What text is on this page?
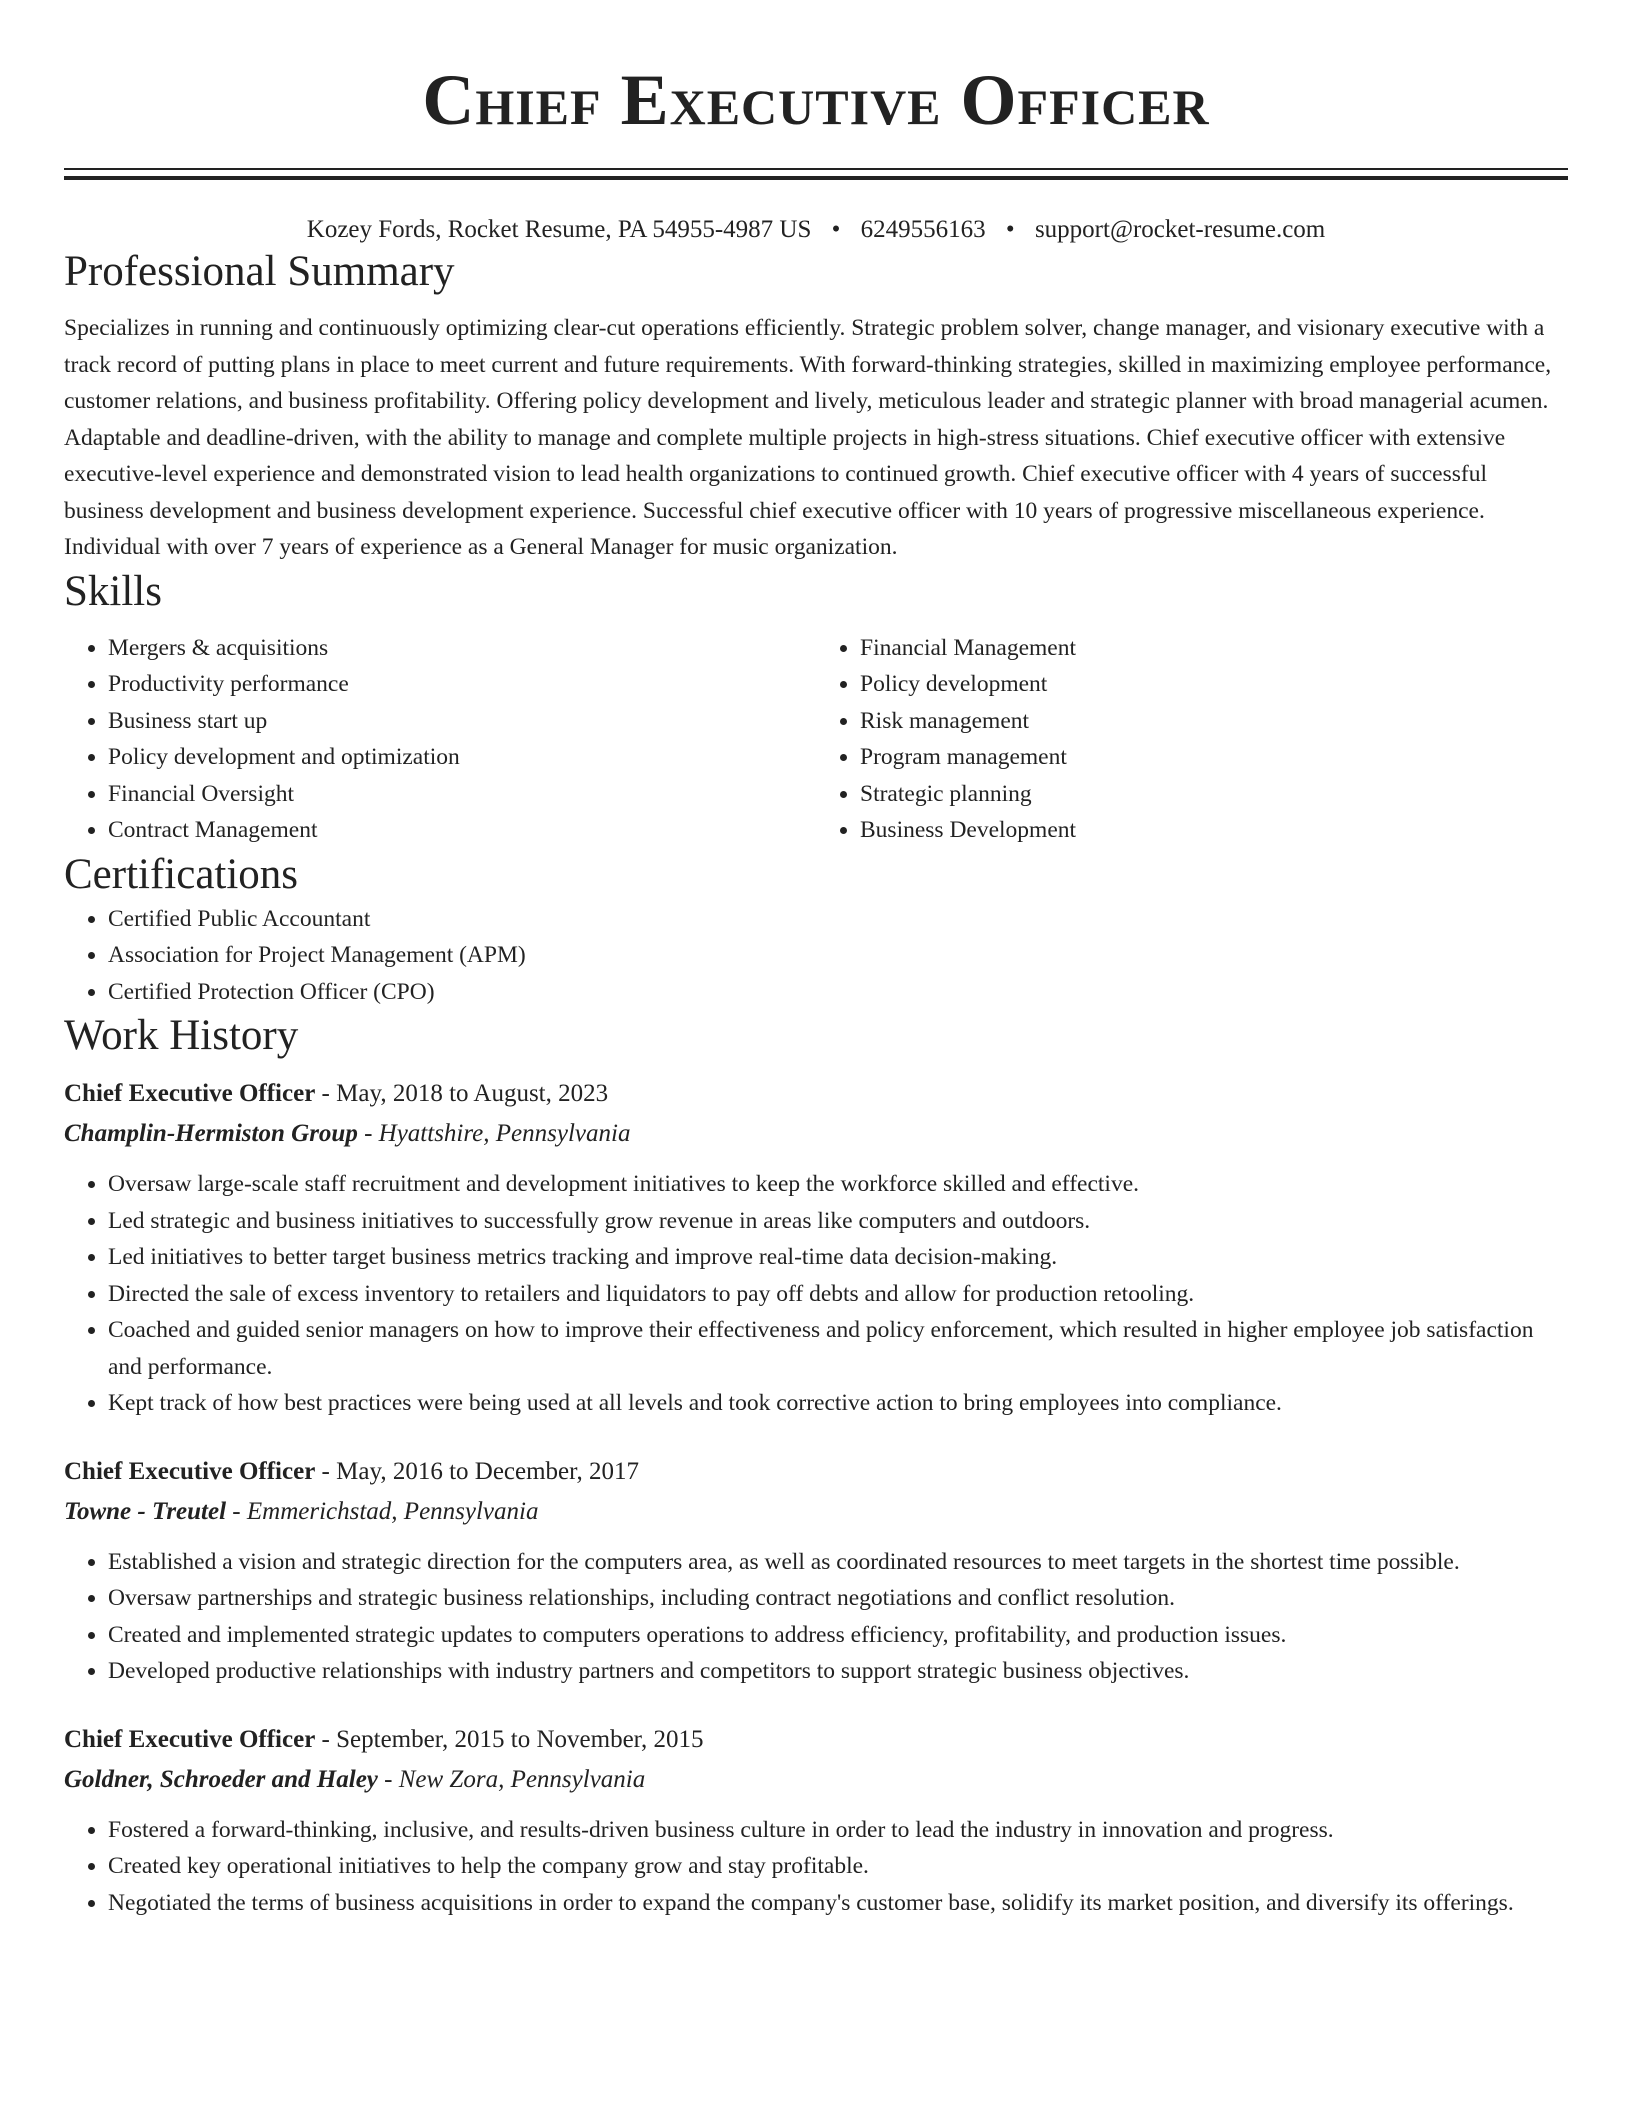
Chief Executive Officer
Kozey Fords, Rocket Resume, PA 54955-4987 US • 6249556163 • support@rocket-resume.com
Professional Summary

Specializes in running and continuously optimizing clear-cut operations efficiently. Strategic problem solver, change manager, and visionary executive with a track record of putting plans in place to meet current and future requirements. With forward-thinking strategies, skilled in maximizing employee performance, customer relations, and business profitability. Offering policy development and lively, meticulous leader and strategic planner with broad managerial acumen. Adaptable and deadline-driven, with the ability to manage and complete multiple projects in high-stress situations. Chief executive officer with extensive executive-level experience and demonstrated vision to lead health organizations to continued growth. Chief executive officer with 4 years of successful business development and business development experience. Successful chief executive officer with 10 years of progressive miscellaneous experience. Individual with over 7 years of experience as a General Manager for music organization.

Skills
• Mergers & acquisitions
• Productivity performance
• Business start up
• Policy development and optimization
• Financial Oversight
• Contract Management
• Financial Management
• Policy development
• Risk management
• Program management
• Strategic planning
• Business Development
Certifications
• Certified Public Accountant
• Association for Project Management (APM)
• Certified Protection Officer (CPO)
Work History
Chief Executive Officer - May, 2018 to August, 2023
Champlin-Hermiston Group - Hyattshire, Pennsylvania
• Oversaw large-scale staff recruitment and development initiatives to keep the workforce skilled and effective.
• Led strategic and business initiatives to successfully grow revenue in areas like computers and outdoors.
• Led initiatives to better target business metrics tracking and improve real-time data decision-making.
• Directed the sale of excess inventory to retailers and liquidators to pay off debts and allow for production retooling.
• Coached and guided senior managers on how to improve their effectiveness and policy enforcement, which resulted in higher employee job satisfaction and performance.
• Kept track of how best practices were being used at all levels and took corrective action to bring employees into compliance.
Chief Executive Officer - May, 2016 to December, 2017
Towne - Treutel - Emmerichstad, Pennsylvania
• Established a vision and strategic direction for the computers area, as well as coordinated resources to meet targets in the shortest time possible.
• Oversaw partnerships and strategic business relationships, including contract negotiations and conflict resolution.
• Created and implemented strategic updates to computers operations to address efficiency, profitability, and production issues.
• Developed productive relationships with industry partners and competitors to support strategic business objectives.
Chief Executive Officer - September, 2015 to November, 2015
Goldner, Schroeder and Haley - New Zora, Pennsylvania
• Fostered a forward-thinking, inclusive, and results-driven business culture in order to lead the industry in innovation and progress.
• Created key operational initiatives to help the company grow and stay profitable.
• Negotiated the terms of business acquisitions in order to expand the company's customer base, solidify its market position, and diversify its offerings.
